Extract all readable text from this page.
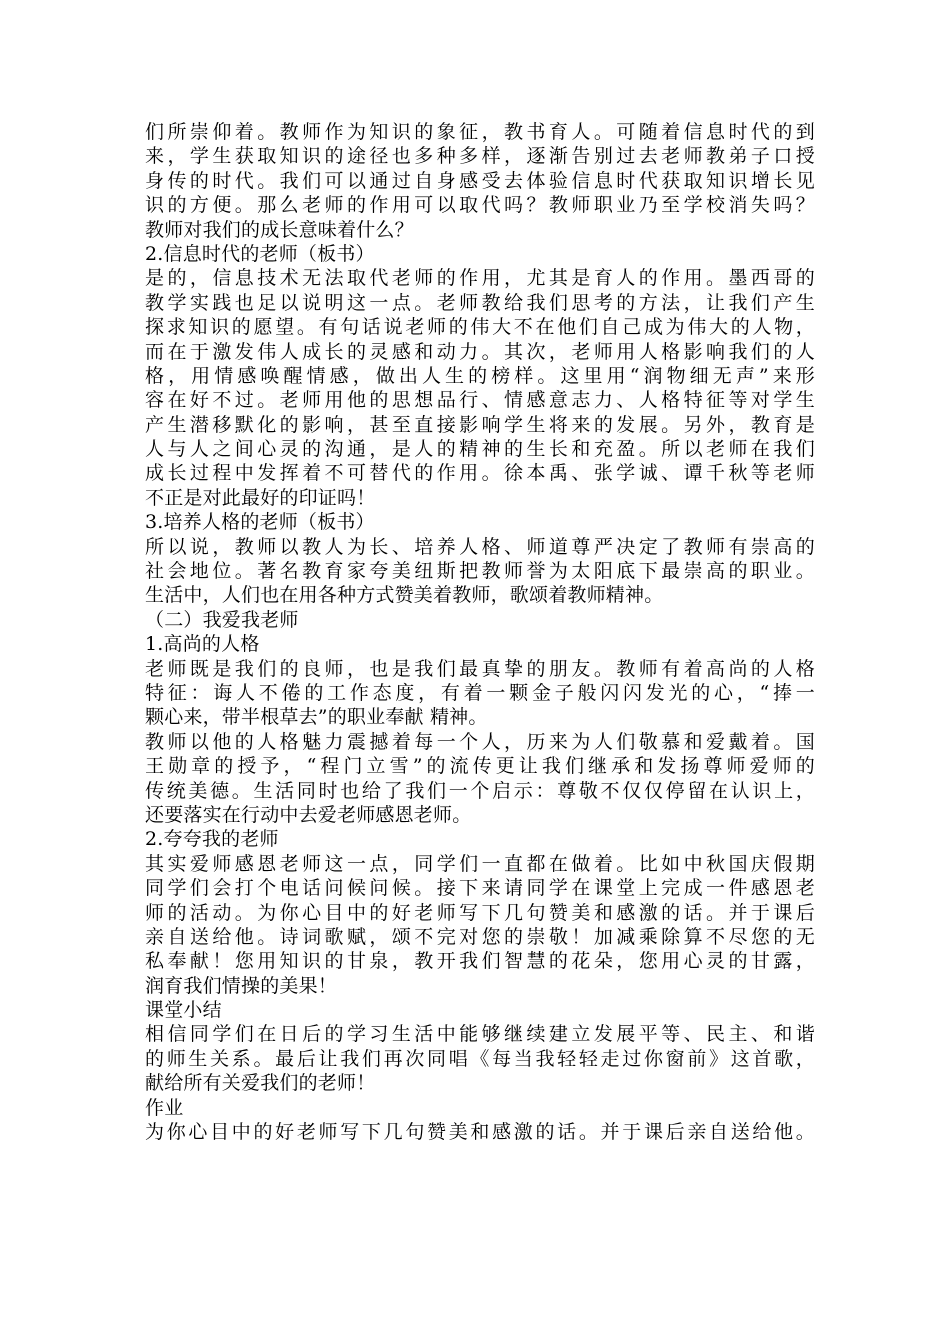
们所崇仰着。教师作为知识的象征，教书育人。可随着信息时代的到
来，学生获取知识的途径也多种多样，逐渐告别过去老师教弟子口授
身传的时代。我们可以通过自身感受去体验信息时代获取知识增长见
识的方便。那么老师的作用可以取代吗？教师职业乃至学校消失吗？
教师对我们的成长意味着什么？
2.信息时代的老师（板书）
是的，信息技术无法取代老师的作用，尤其是育人的作用。墨西哥的
教学实践也足以说明这一点。老师教给我们思考的方法，让我们产生
探求知识的愿望。有句话说老师的伟大不在他们自己成为伟大的人物，
而在于激发伟人成长的灵感和动力。其次，老师用人格影响我们的人
格，用情感唤醒情感，做出人生的榜样。这里用“润物细无声”来形
容在好不过。老师用他的思想品行、情感意志力、人格特征等对学生
产生潜移默化的影响，甚至直接影响学生将来的发展。另外，教育是
人与人之间心灵的沟通，是人的精神的生长和充盈。所以老师在我们
成长过程中发挥着不可替代的作用。徐本禹、张学诚、谭千秋等老师
不正是对此最好的印证吗！
3.培养人格的老师（板书）
所以说，教师以教人为长、培养人格、师道尊严决定了教师有崇高的
社会地位。著名教育家夸美纽斯把教师誉为太阳底下最崇高的职业。
生活中，人们也在用各种方式赞美着教师，歌颂着教师精神。
（二）我爱我老师
1.高尚的人格
老师既是我们的良师，也是我们最真挚的朋友。教师有着高尚的人格
特征：诲人不倦的工作态度，有着一颗金子般闪闪发光的心，“捧一
颗心来，带半根草去”的职业奉献 精神。
教师以他的人格魅力震撼着每一个人，历来为人们敬慕和爱戴着。国
王勋章的授予，“程门立雪”的流传更让我们继承和发扬尊师爱师的
传统美德。生活同时也给了我们一个启示：尊敬不仅仅停留在认识上，
还要落实在行动中去爱老师感恩老师。
2.夸夸我的老师
其实爱师感恩老师这一点，同学们一直都在做着。比如中秋国庆假期
同学们会打个电话问候问候。接下来请同学在课堂上完成一件感恩老
师的活动。为你心目中的好老师写下几句赞美和感激的话。并于课后
亲自送给他。诗词歌赋，颂不完对您的崇敬！加减乘除算不尽您的无
私奉献！您用知识的甘泉，教开我们智慧的花朵，您用心灵的甘露，
润育我们情操的美果！
课堂小结
相信同学们在日后的学习生活中能够继续建立发展平等、民主、和谐
的师生关系。最后让我们再次同唱《每当我轻轻走过你窗前》这首歌，
献给所有关爱我们的老师！
作业
为你心目中的好老师写下几句赞美和感激的话。并于课后亲自送给他。
